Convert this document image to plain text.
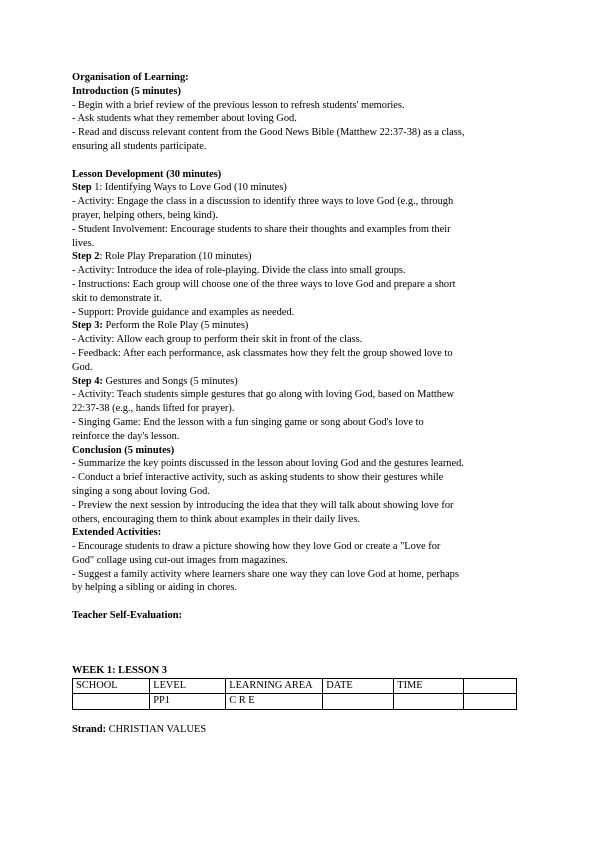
Organisation of Learning:

Introduction (5 minutes)

- Begin with a brief review of the previous lesson to refresh students' memories.

- Ask students what they remember about loving God.

- Read and discuss relevant content from the Good News Bible (Matthew 22:37-38) as a class,

ensuring all students participate.

Lesson Development (30 minutes)

Step 1: Identifying Ways to Love God (10 minutes)

- Activity: Engage the class in a discussion to identify three ways to love God (e.g., through

prayer, helping others, being kind).

- Student Involvement: Encourage students to share their thoughts and examples from their

lives.

Step 2: Role Play Preparation (10 minutes)

- Activity: Introduce the idea of role-playing. Divide the class into small groups.

- Instructions: Each group will choose one of the three ways to love God and prepare a short

skit to demonstrate it.

- Support: Provide guidance and examples as needed.

Step 3: Perform the Role Play (5 minutes)

- Activity: Allow each group to perform their skit in front of the class.

- Feedback: After each performance, ask classmates how they felt the group showed love to

God.

Step 4: Gestures and Songs (5 minutes)

- Activity: Teach students simple gestures that go along with loving God, based on Matthew

22:37-38 (e.g., hands lifted for prayer).

- Singing Game: End the lesson with a fun singing game or song about God's love to

reinforce the day's lesson.

Conclusion (5 minutes)

- Summarize the key points discussed in the lesson about loving God and the gestures learned.

- Conduct a brief interactive activity, such as asking students to show their gestures while

singing a song about loving God.

- Preview the next session by introducing the idea that they will talk about showing love for

others, encouraging them to think about examples in their daily lives.

Extended Activities:

- Encourage students to draw a picture showing how they love God or create a "Love for

God" collage using cut-out images from magazines.

- Suggest a family activity where learners share one way they can love God at home, perhaps

by helping a sibling or aiding in chores.

Teacher Self-Evaluation:

WEEK 1: LESSON 3

SCHOOL	LEVEL	LEARNING AREA	DATE	TIME	
	PP1	C R E			

Strand: CHRISTIAN VALUES
